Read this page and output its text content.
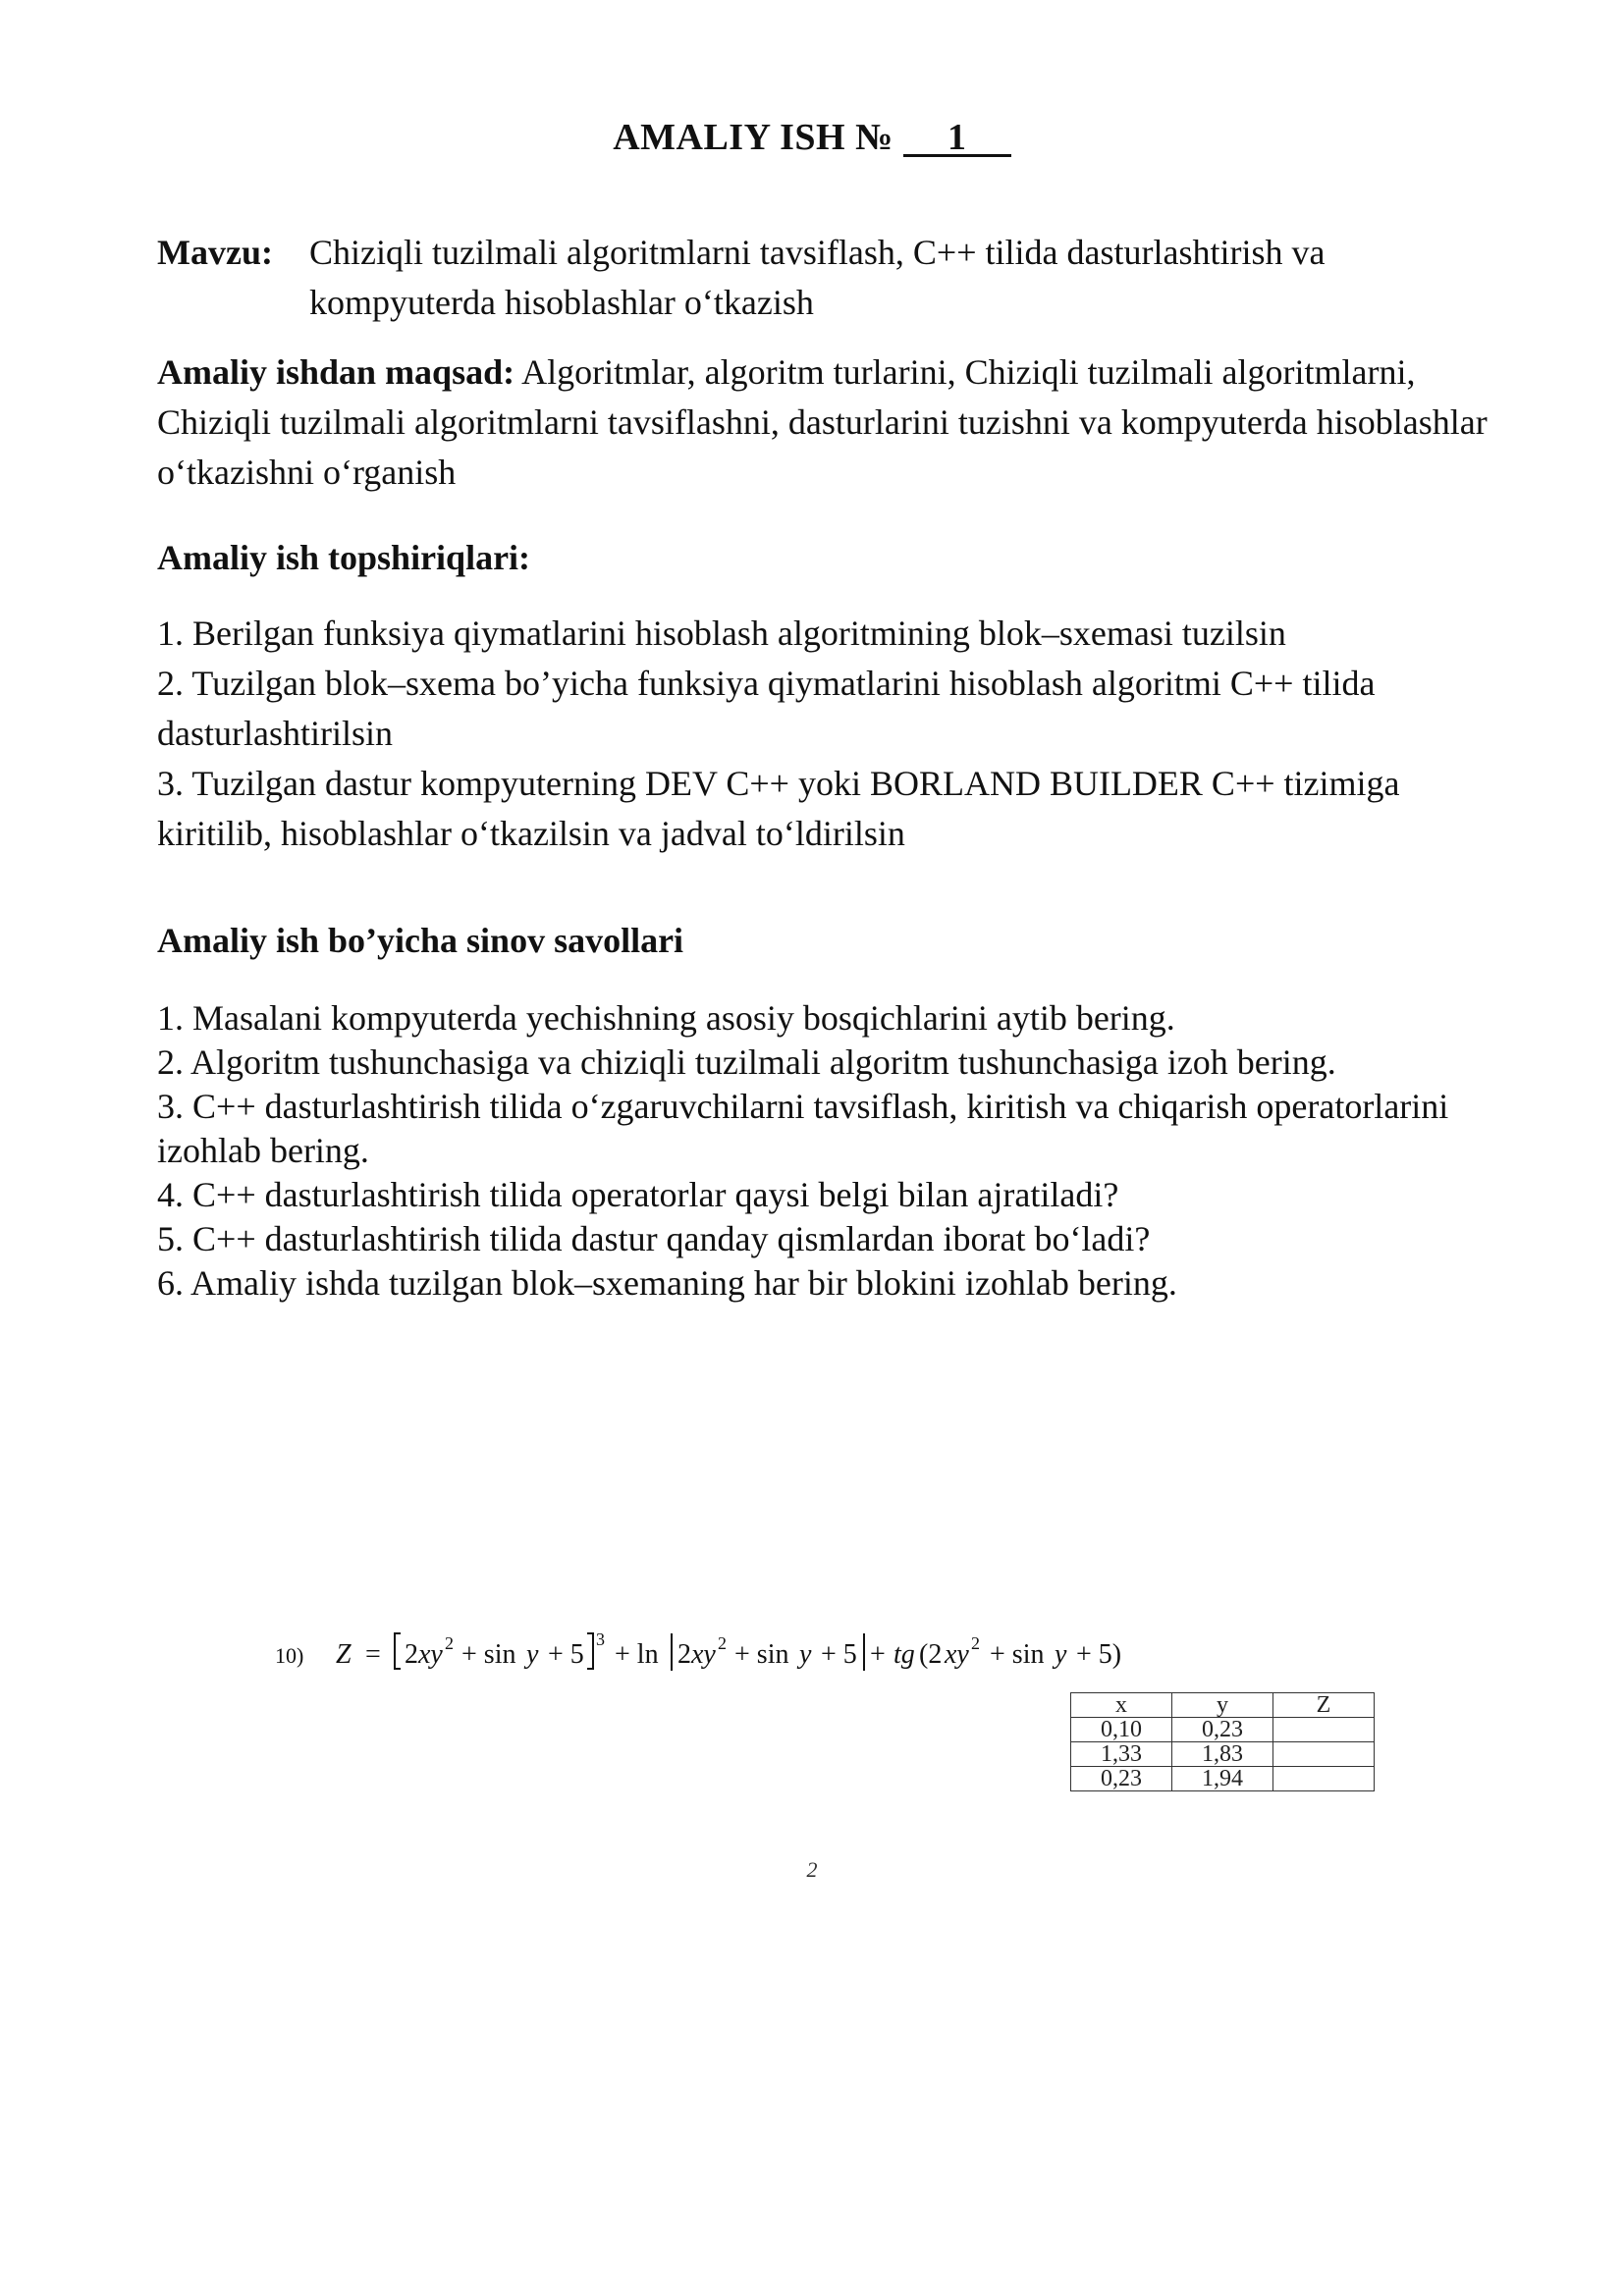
AMALIY ISH № 1
Mavzu:	Chiziqli tuzilmali algoritmlarni tavsiflash, C++ tilida dasturlashtirish va kompyuterda hisoblashlar o‘tkazish
Amaliy ishdan maqsad: Algoritmlar, algoritm turlarini, Chiziqli tuzilmali algoritmlarni, Chiziqli tuzilmali algoritmlarni tavsiflashni, dasturlarini tuzishni va kompyuterda hisoblashlar o‘tkazishni o‘rganish
Amaliy ish topshiriqlari:
1. Berilgan funksiya qiymatlarini hisoblash algoritmining blok–sxemasi tuzilsin
2. Tuzilgan blok–sxema bo’yicha funksiya qiymatlarini hisoblash algoritmi C++ tilida dasturlashtirilsin
3. Tuzilgan dastur kompyuterning DEV C++ yoki BORLAND BUILDER C++ tizimiga kiritilib, hisoblashlar o‘tkazilsin va jadval to‘ldirilsin
Amaliy ish bo’yicha sinov savollari
1. Masalani kompyuterda yechishning asosiy bosqichlarini aytib bering.
2. Algoritm tushunchasiga va chiziqli tuzilmali algoritm tushunchasiga izoh bering.
3. C++ dasturlashtirish tilida o‘zgaruvchilarni tavsiflash, kiritish va chiqarish operatorlarini izohlab bering.
4. C++ dasturlashtirish tilida operatorlar qaysi belgi bilan ajratiladi?
5. C++ dasturlashtirish tilida dastur qanday qismlardan iborat bo‘ladi?
6. Amaliy ishda tuzilgan blok–sxemaning har bir blokini izohlab bering.
10) Z = 2 xy 2 + sin y + 5 3 + ln 2 xy 2 + sin y + 5 + tg (2 xy 2 + sin y + 5)
x	y	Z
0,10	0,23	
1,33	1,83	
0,23	1,94	
2
